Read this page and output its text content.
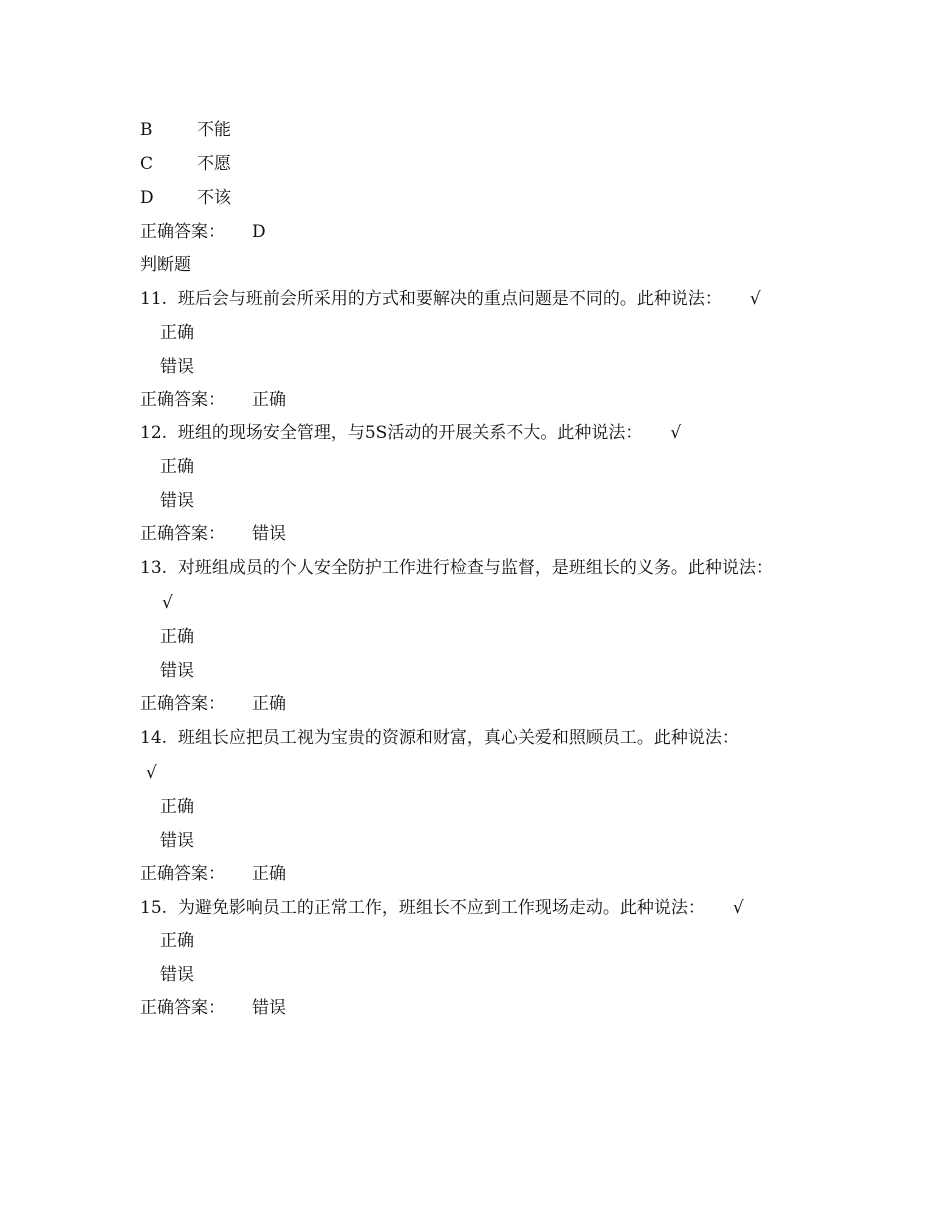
B	不能
C	不愿
D	不该
正确答案： D
判断题
11. 班后会与班前会所采用的方式和要解决的重点问题是不同的。此种说法： √
正确
错误
正确答案： 正确
12. 班组的现场安全管理，与5S活动的开展关系不大。此种说法： √
正确
错误
正确答案： 错误
13. 对班组成员的个人安全防护工作进行检查与监督，是班组长的义务。此种说法：
√
正确
错误
正确答案： 正确
14. 班组长应把员工视为宝贵的资源和财富，真心关爱和照顾员工。此种说法：
√
正确
错误
正确答案： 正确
15. 为避免影响员工的正常工作，班组长不应到工作现场走动。此种说法： √
正确
错误
正确答案： 错误
